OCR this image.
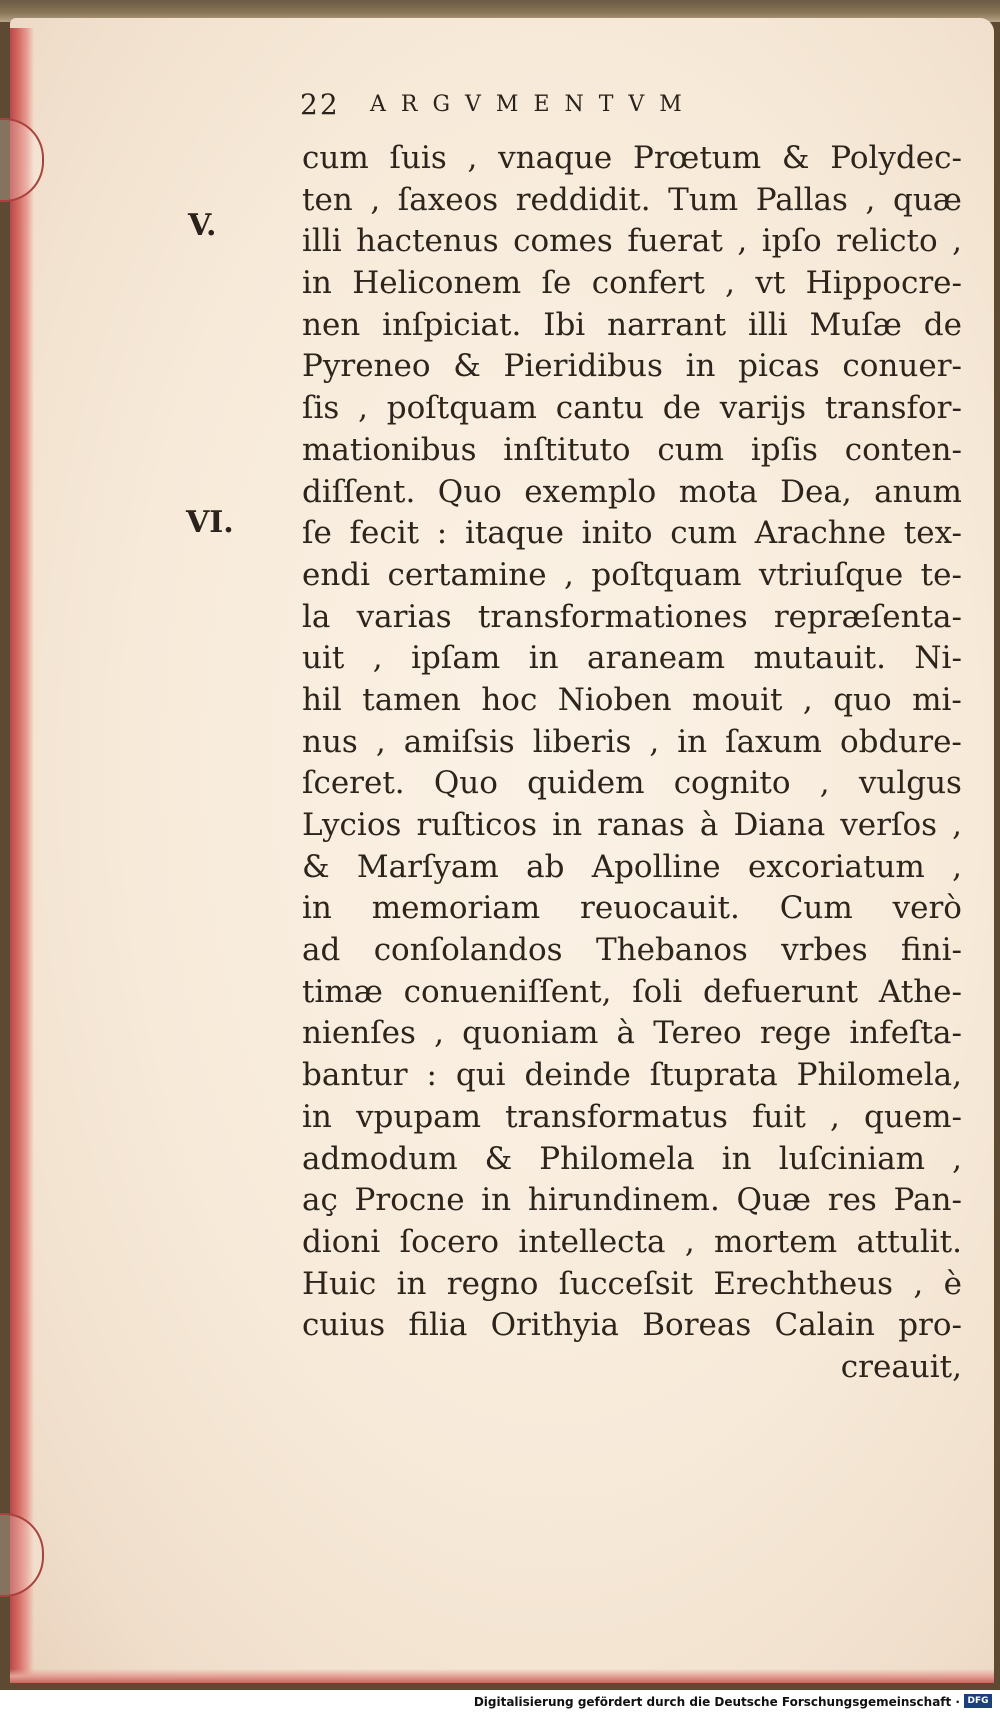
22 ARGVMENTVM
V.
VI.
cum ſuis , vnaque Prœtum & Polydec-
ten , ſaxeos reddidit. Tum Pallas , quæ
illi hactenus comes fuerat , ipſo relicto ,
in Heliconem ſe confert , vt Hippocre-
nen inſpiciat. Ibi narrant illi Muſæ de
Pyreneo & Pieridibus in picas conuer-
ſis , poſtquam cantu de varijs transfor-
mationibus inſtituto cum ipſis conten-
diſſent. Quo exemplo mota Dea, anum
ſe fecit : itaque inito cum Arachne tex-
endi certamine , poſtquam vtriuſque te-
la varias transformationes repræſenta-
uit , ipſam in araneam mutauit. Ni-
hil tamen hoc Nioben mouit , quo mi-
nus , amiſsis liberis , in ſaxum obdure-
ſceret. Quo quidem cognito , vulgus
Lycios ruſticos in ranas à Diana verſos ,
& Marſyam ab Apolline excoriatum ,
in memoriam reuocauit. Cum verò
ad conſolandos Thebanos vrbes fini-
timæ conueniſſent, ſoli defuerunt Athe-
nienſes , quoniam à Tereo rege infeſta-
bantur : qui deinde ſtuprata Philomela,
in vpupam transformatus fuit , quem-
admodum & Philomela in luſciniam ,
aç Procne in hirundinem. Quæ res Pan-
dioni ſocero intellecta , mortem attulit.
Huic in regno ſucceſsit Erechtheus , è
cuius filia Orithyia Boreas Calain pro-
creauit,
Digitalisierung gefördert durch die Deutsche Forschungsgemeinschaft · DFG
